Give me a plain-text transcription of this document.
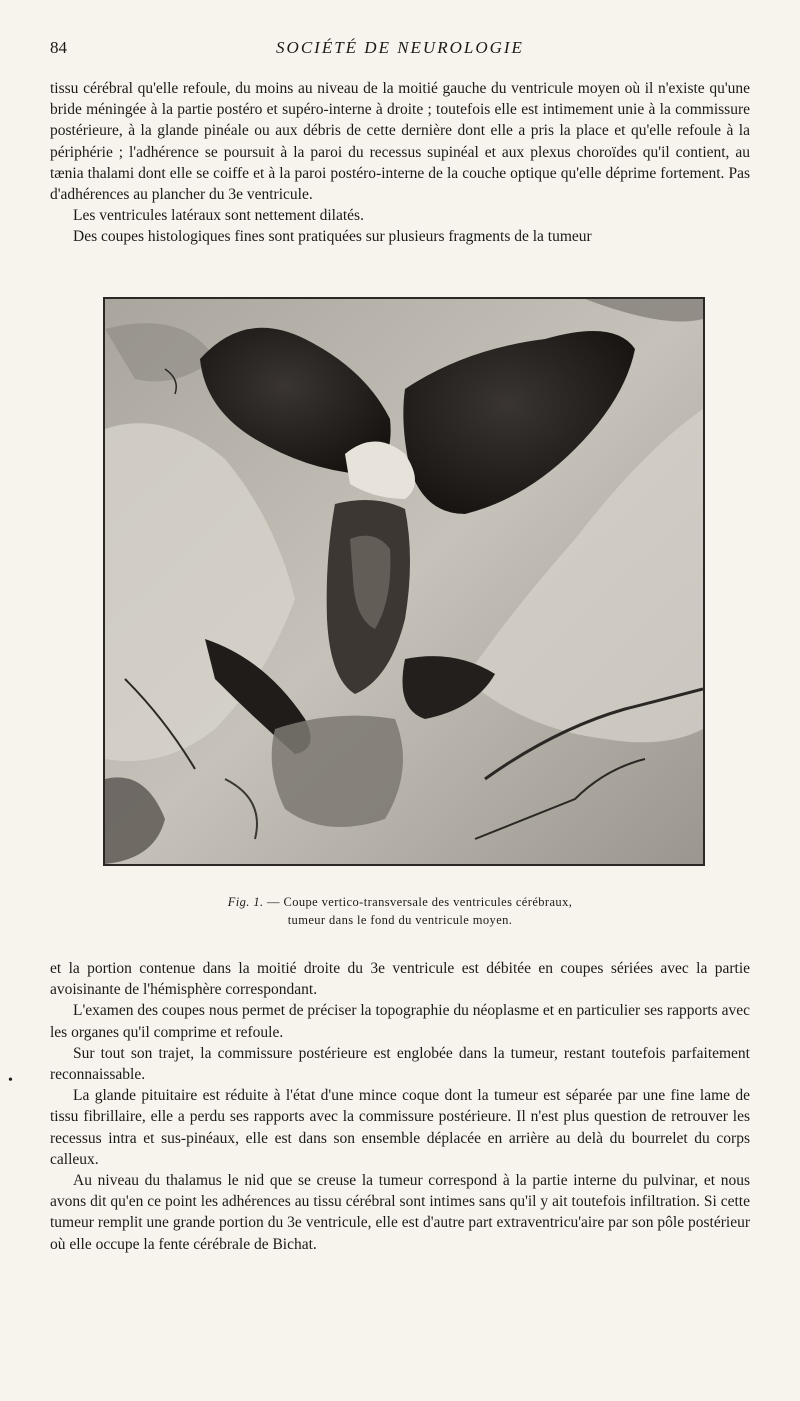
84	SOCIÉTÉ DE NEUROLOGIE

tissu cérébral qu'elle refoule, du moins au niveau de la moitié gauche du ventricule moyen où il n'existe qu'une bride méningée à la partie postéro et supéro-interne à droite ; toutefois elle est intimement unie à la commissure postérieure, à la glande pinéale ou aux débris de cette dernière dont elle a pris la place et qu'elle refoule à la périphérie ; l'adhérence se poursuit à la paroi du recessus supinéal et aux plexus choroïdes qu'il contient, au tænia thalami dont elle se coiffe et à la paroi postéro-interne de la couche optique qu'elle déprime fortement. Pas d'adhérences au plancher du 3e ventricule.

Les ventricules latéraux sont nettement dilatés.

Des coupes histologiques fines sont pratiquées sur plusieurs fragments de la tumeur

Fig. 1. — Coupe vertico-transversale des ventricules cérébraux,
tumeur dans le fond du ventricule moyen.

et la portion contenue dans la moitié droite du 3e ventricule est débitée en coupes sériées avec la partie avoisinante de l'hémisphère correspondant.

L'examen des coupes nous permet de préciser la topographie du néoplasme et en particulier ses rapports avec les organes qu'il comprime et refoule.

Sur tout son trajet, la commissure postérieure est englobée dans la tumeur, restant toutefois parfaitement reconnaissable.

La glande pituitaire est réduite à l'état d'une mince coque dont la tumeur est séparée par une fine lame de tissu fibrillaire, elle a perdu ses rapports avec la commissure postérieure. Il n'est plus question de retrouver les recessus intra et sus-pinéaux, elle est dans son ensemble déplacée en arrière au delà du bourrelet du corps calleux.

Au niveau du thalamus le nid que se creuse la tumeur correspond à la partie interne du pulvinar, et nous avons dit qu'en ce point les adhérences au tissu cérébral sont intimes sans qu'il y ait toutefois infiltration. Si cette tumeur remplit une grande portion du 3e ventricule, elle est d'autre part extraventricu'aire par son pôle postérieur où elle occupe la fente cérébrale de Bichat.

•
